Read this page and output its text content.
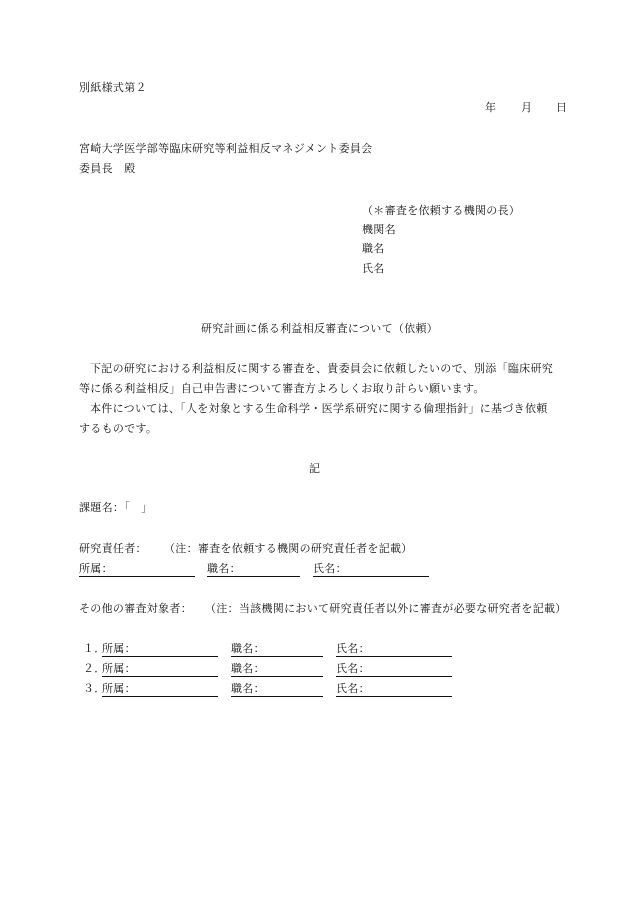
別紙様式第２
年 月 日
宮崎大学医学部等臨床研究等利益相反マネジメント委員会
委員長　殿
（＊審査を依頼する機関の長）
機関名
職名
氏名
研究計画に係る利益相反審査について（依頼）
下記の研究における利益相反に関する審査を、貴委員会に依頼したいので、別添「臨床研究
等に係る利益相反」自己申告書について審査方よろしくお取り計らい願います。
本件については、「人を対象とする生命科学・医学系研究に関する倫理指針」に基づき依頼
するものです。
記
課題名：「　」
研究責任者： （注：審査を依頼する機関の研究責任者を記載）
所属：	職名：	氏名：
その他の審査対象者： （注：当該機関において研究責任者以外に審査が必要な研究者を記載）
１．
所属：	職名：	氏名：
２．
所属：	職名：	氏名：
３．
所属：	職名：	氏名：
